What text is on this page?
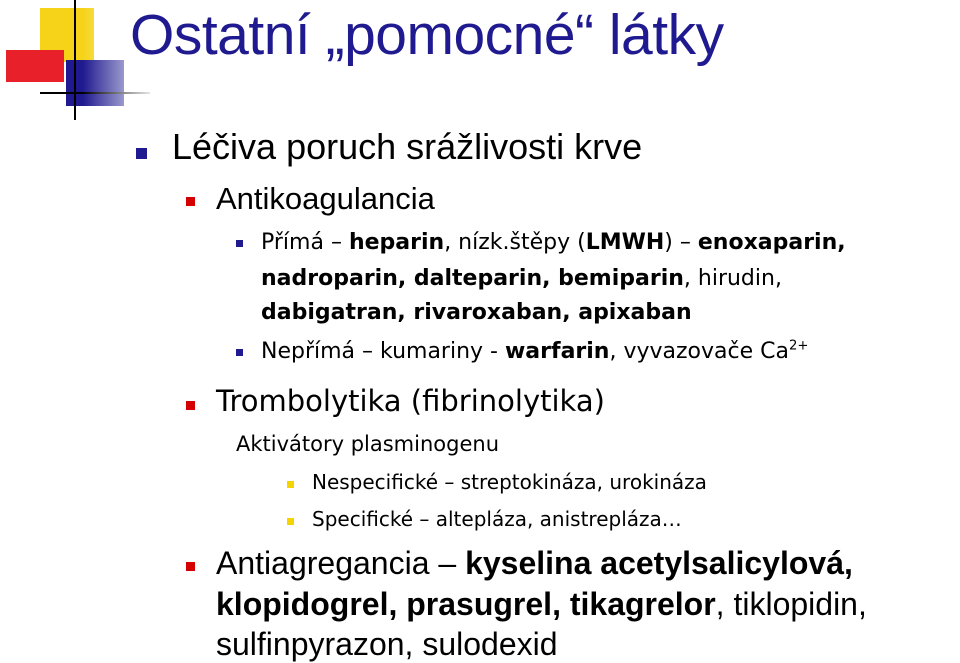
Ostatní „pomocné“ látky

Léčiva poruch srážlivosti krve

Antikoagulancia

Přímá – heparin, nízk.štěpy (LMWH) – enoxaparin,

nadroparin, dalteparin, bemiparin, hirudin,

dabigatran, rivaroxaban, apixaban

Nepřímá – kumariny - warfarin, vyvazovače $Ca^{2+}$

Trombolytika (fibrinolytika)

Aktivátory plasminogenu

Nespecifické – streptokináza, urokináza

Specifické – altepláza, anistrepláza…

Antiagregancia – kyselina acetylsalicylová,

klopidogrel, prasugrel, tikagrelor, tiklopidin,

sulfinpyrazon, sulodexid
